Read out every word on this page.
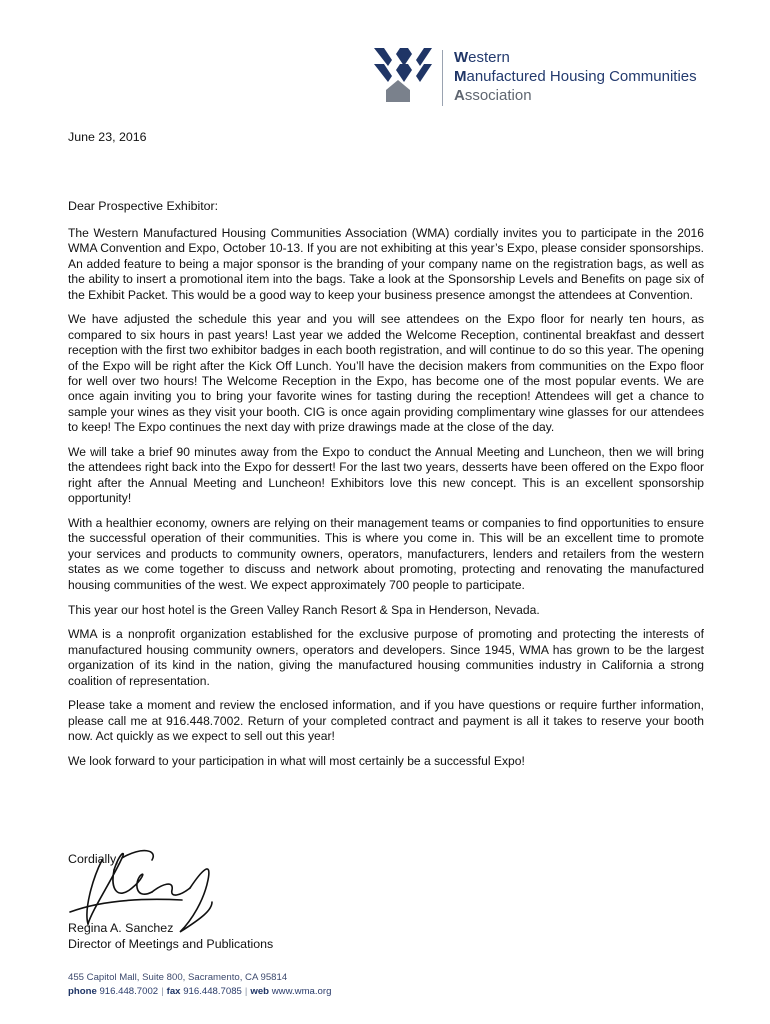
Western
Manufactured Housing Communities
Association
June 23, 2016
Dear Prospective Exhibitor:

The Western Manufactured Housing Communities Association (WMA) cordially invites you to participate in the 2016 WMA Convention and Expo, October 10-13. If you are not exhibiting at this year’s Expo, please consider sponsorships. An added feature to being a major sponsor is the branding of your company name on the registration bags, as well as the ability to insert a promotional item into the bags. Take a look at the Sponsorship Levels and Benefits on page six of the Exhibit Packet. This would be a good way to keep your business presence amongst the attendees at Convention.

We have adjusted the schedule this year and you will see attendees on the Expo floor for nearly ten hours, as compared to six hours in past years! Last year we added the Welcome Reception, continental breakfast and dessert reception with the first two exhibitor badges in each booth registration, and will continue to do so this year. The opening of the Expo will be right after the Kick Off Lunch. You’ll have the decision makers from communities on the Expo floor for well over two hours! The Welcome Reception in the Expo, has become one of the most popular events. We are once again inviting you to bring your favorite wines for tasting during the reception! Attendees will get a chance to sample your wines as they visit your booth. CIG is once again providing complimentary wine glasses for our attendees to keep! The Expo continues the next day with prize drawings made at the close of the day.

We will take a brief 90 minutes away from the Expo to conduct the Annual Meeting and Luncheon, then we will bring the attendees right back into the Expo for dessert! For the last two years, desserts have been offered on the Expo floor right after the Annual Meeting and Luncheon! Exhibitors love this new concept. This is an excellent sponsorship opportunity!

With a healthier economy, owners are relying on their management teams or companies to find opportunities to ensure the successful operation of their communities. This is where you come in. This will be an excellent time to promote your services and products to community owners, operators, manufacturers, lenders and retailers from the western states as we come together to discuss and network about promoting, protecting and renovating the manufactured housing communities of the west. We expect approximately 700 people to participate.

This year our host hotel is the Green Valley Ranch Resort & Spa in Henderson, Nevada.

WMA is a nonprofit organization established for the exclusive purpose of promoting and protecting the interests of manufactured housing community owners, operators and developers. Since 1945, WMA has grown to be the largest organization of its kind in the nation, giving the manufactured housing communities industry in California a strong coalition of representation.

Please take a moment and review the enclosed information, and if you have questions or require further information, please call me at 916.448.7002. Return of your completed contract and payment is all it takes to reserve your booth now. Act quickly as we expect to sell out this year!

We look forward to your participation in what will most certainly be a successful Expo!

Cordially,
Regina A. Sanchez
Director of Meetings and Publications
455 Capitol Mall, Suite 800, Sacramento, CA 95814
phone 916.448.7002 | fax 916.448.7085 | web www.wma.org
